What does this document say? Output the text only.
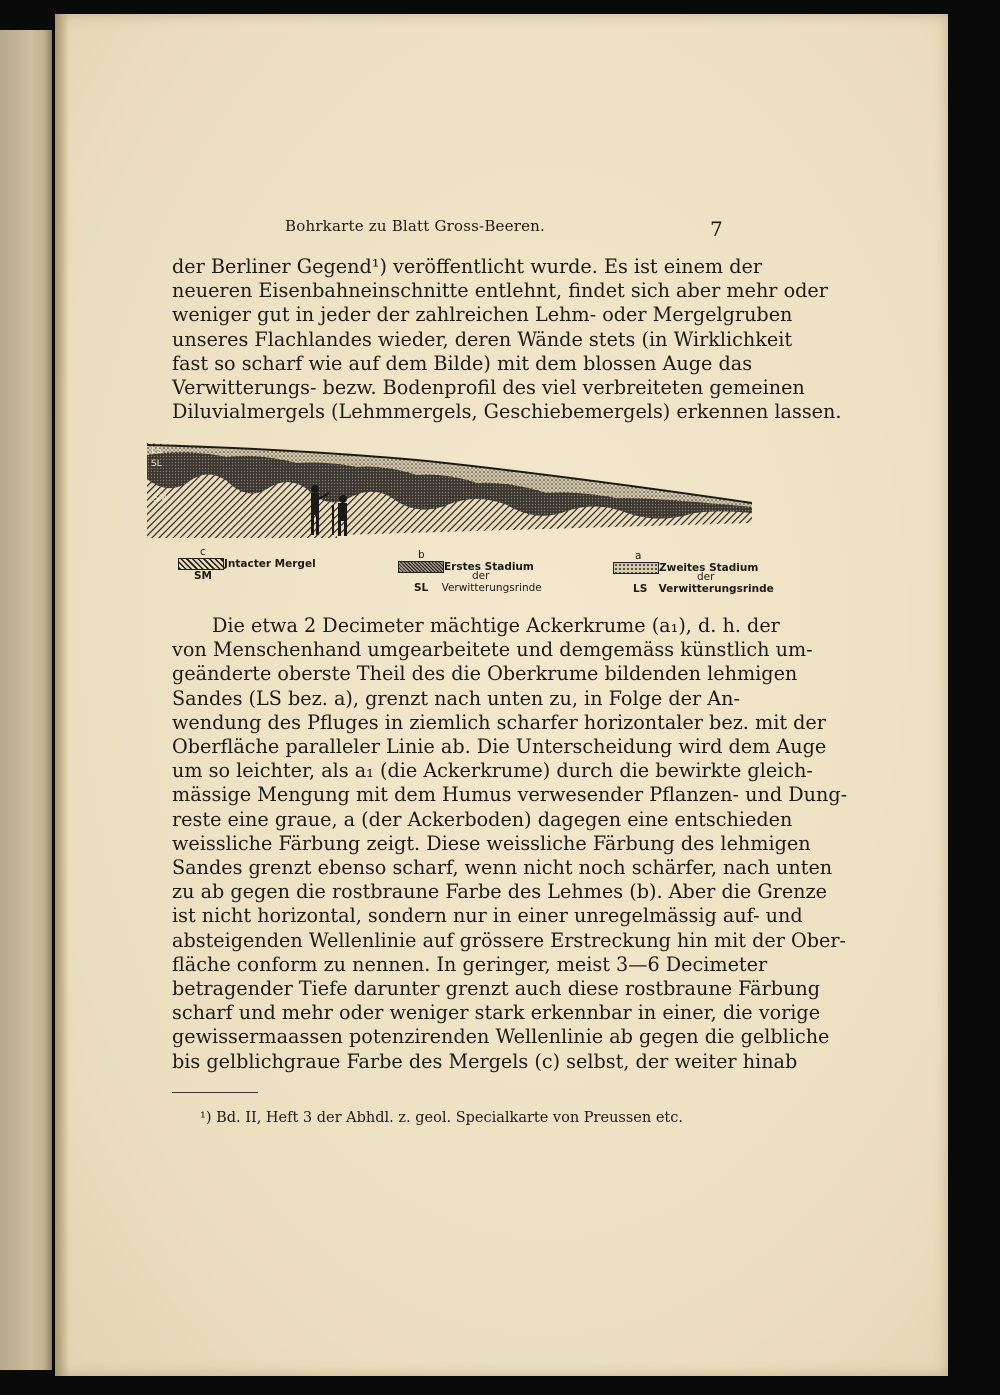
Bohrkarte zu Blatt Gross-Beeren.	7

der Berliner Gegend¹) veröffentlicht wurde. Es ist einem der
neueren Eisenbahneinschnitte entlehnt, findet sich aber mehr oder
weniger gut in jeder der zahlreichen Lehm- oder Mergelgruben
unseres Flachlandes wieder, deren Wände stets (in Wirklichkeit
fast so scharf wie auf dem Bilde) mit dem blossen Auge das
Verwitterungs- bezw. Bodenprofil des viel verbreiteten gemeinen
Diluvialmergels (Lehmmergels, Geschiebemergels) erkennen lassen.

LS
SL
SM
c
Jntacter Mergel
SM
b
Erstes Stadium
der
SL Verwitterungsrinde
a
Zweites Stadium
der
LS Verwitterungsrinde

Die etwa 2 Decimeter mächtige Ackerkrume (a₁), d. h. der
von Menschenhand umgearbeitete und demgemäss künstlich um-
geänderte oberste Theil des die Oberkrume bildenden lehmigen
Sandes (LS bez. a), grenzt nach unten zu, in Folge der An-
wendung des Pfluges in ziemlich scharfer horizontaler bez. mit der
Oberfläche paralleler Linie ab. Die Unterscheidung wird dem Auge
um so leichter, als a₁ (die Ackerkrume) durch die bewirkte gleich-
mässige Mengung mit dem Humus verwesender Pflanzen- und Dung-
reste eine graue, a (der Ackerboden) dagegen eine entschieden
weissliche Färbung zeigt. Diese weissliche Färbung des lehmigen
Sandes grenzt ebenso scharf, wenn nicht noch schärfer, nach unten
zu ab gegen die rostbraune Farbe des Lehmes (b). Aber die Grenze
ist nicht horizontal, sondern nur in einer unregelmässig auf- und
absteigenden Wellenlinie auf grössere Erstreckung hin mit der Ober-
fläche conform zu nennen. In geringer, meist 3—6 Decimeter
betragender Tiefe darunter grenzt auch diese rostbraune Färbung
scharf und mehr oder weniger stark erkennbar in einer, die vorige
gewissermaassen potenzirenden Wellenlinie ab gegen die gelbliche
bis gelblichgraue Farbe des Mergels (c) selbst, der weiter hinab

¹) Bd. II, Heft 3 der Abhdl. z. geol. Specialkarte von Preussen etc.
